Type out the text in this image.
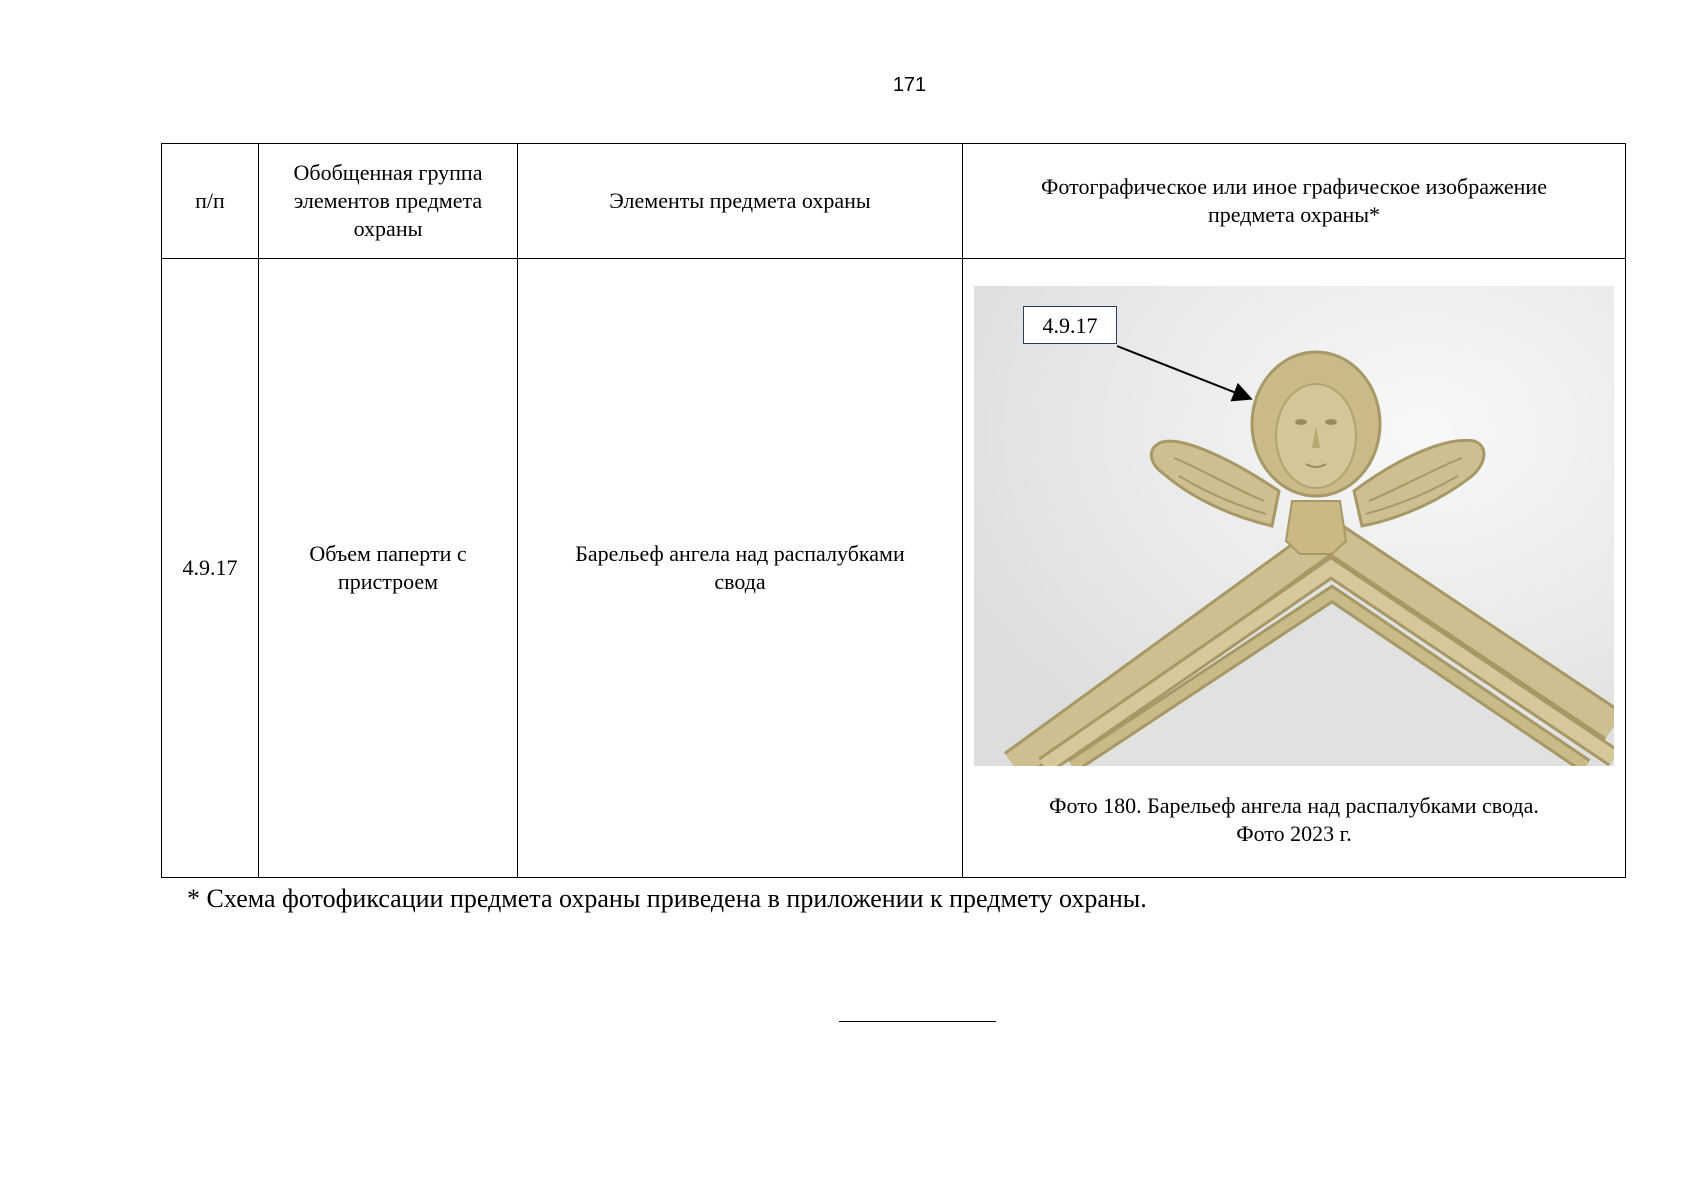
171
п/п	Обобщенная группа элементов предмета охраны	Элементы предмета охраны	Фотографическое или иное графическое изображение предмета охраны*
4.9.17	Объем паперти с пристроем	Барельеф ангела над распалубками свода	4.9.17
Фото 180. Барельеф ангела над распалубками свода.
Фото 2023 г.
* Схема фотофиксации предмета охраны приведена в приложении к предмету охраны.
